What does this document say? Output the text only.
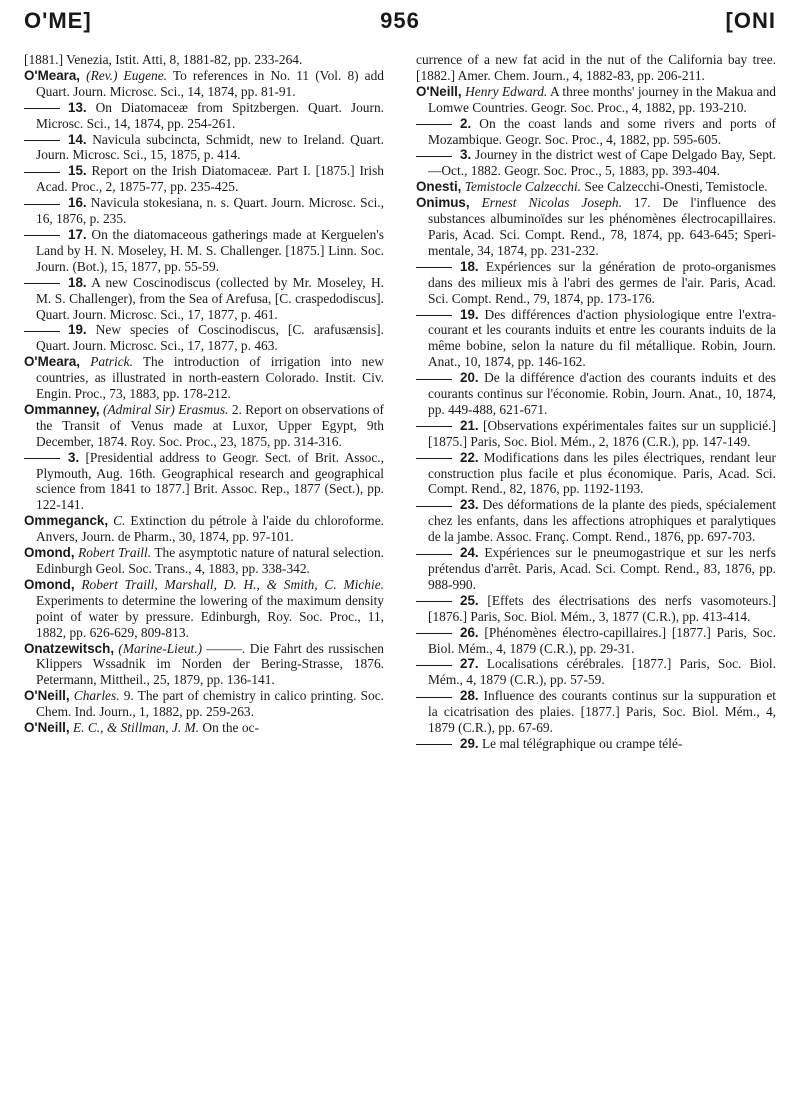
O'ME]	956	[ONI

[1881.] Venezia, Istit. Atti, 8, 1881-82, pp. 233-264.

O'Meara, (Rev.) Eugene. To references in No. 11 (Vol. 8) add Quart. Journ. Microsc. Sci., 14, 1874, pp. 81-91.

13. On Diatomaceæ from Spitzbergen. Quart. Journ. Microsc. Sci., 14, 1874, pp. 254-261.

14. Navicula subcincta, Schmidt, new to Ireland. Quart. Journ. Microsc. Sci., 15, 1875, p. 414.

15. Report on the Irish Diatomaceæ. Part I. [1875.] Irish Acad. Proc., 2, 1875-77, pp. 235-425.

16. Navicula stokesiana, n. s. Quart. Journ. Microsc. Sci., 16, 1876, p. 235.

17. On the diatomaceous gatherings made at Kerguelen's Land by H. N. Moseley, H. M. S. Challenger. [1875.] Linn. Soc. Journ. (Bot.), 15, 1877, pp. 55-59.

18. A new Coscinodiscus (collected by Mr. Moseley, H. M. S. Challenger), from the Sea of Arefusa, [C. craspedodiscus]. Quart. Journ. Microsc. Sci., 17, 1877, p. 461.

19. New species of Coscinodiscus, [C. arafusænsis]. Quart. Journ. Microsc. Sci., 17, 1877, p. 463.

O'Meara, Patrick. The introduction of irrigation into new countries, as illustrated in north-eastern Colorado. Instit. Civ. Engin. Proc., 73, 1883, pp. 178-212.

Ommanney, (Admiral Sir) Erasmus. 2. Report on observations of the Transit of Venus made at Luxor, Upper Egypt, 9th December, 1874. Roy. Soc. Proc., 23, 1875, pp. 314-316.

3. [Presidential address to Geogr. Sect. of Brit. Assoc., Plymouth, Aug. 16th. Geographical research and geographical science from 1841 to 1877.] Brit. Assoc. Rep., 1877 (Sect.), pp. 122-141.

Ommeganck, C. Extinction du pétrole à l'aide du chloroforme. Anvers, Journ. de Pharm., 30, 1874, pp. 97-101.

Omond, Robert Traill. The asymptotic nature of natural selection. Edinburgh Geol. Soc. Trans., 4, 1883, pp. 338-342.

Omond, Robert Traill, Marshall, D. H., & Smith, C. Michie. Experiments to determine the lowering of the maximum density point of water by pressure. Edinburgh, Roy. Soc. Proc., 11, 1882, pp. 626-629, 809-813.

Onatzewitsch, (Marine-Lieut.) ———. Die Fahrt des russischen Klippers Wssadnik im Norden der Bering-Strasse, 1876. Petermann, Mittheil., 25, 1879, pp. 136-141.

O'Neill, Charles. 9. The part of chemistry in calico printing. Soc. Chem. Ind. Journ., 1, 1882, pp. 259-263.

O'Neill, E. C., & Stillman, J. M. On the oc-

currence of a new fat acid in the nut of the California bay tree. [1882.] Amer. Chem. Journ., 4, 1882-83, pp. 206-211.

O'Neill, Henry Edward. A three months' journey in the Makua and Lomwe Countries. Geogr. Soc. Proc., 4, 1882, pp. 193-210.

2. On the coast lands and some rivers and ports of Mozambique. Geogr. Soc. Proc., 4, 1882, pp. 595-605.

3. Journey in the district west of Cape Delgado Bay, Sept.—Oct., 1882. Geogr. Soc. Proc., 5, 1883, pp. 393-404.

Onesti, Temistocle Calzecchi. See Calzecchi-Onesti, Temistocle.

Onimus, Ernest Nicolas Joseph. 17. De l'influence des substances albuminoïdes sur les phénomènes électrocapillaires. Paris, Acad. Sci. Compt. Rend., 78, 1874, pp. 643-645; Speri-mentale, 34, 1874, pp. 231-232.

18. Expériences sur la génération de proto-organismes dans des milieux mis à l'abri des germes de l'air. Paris, Acad. Sci. Compt. Rend., 79, 1874, pp. 173-176.

19. Des différences d'action physiologique entre l'extra-courant et les courants induits et entre les courants induits de la même bobine, selon la nature du fil métallique. Robin, Journ. Anat., 10, 1874, pp. 146-162.

20. De la différence d'action des courants induits et des courants continus sur l'économie. Robin, Journ. Anat., 10, 1874, pp. 449-488, 621-671.

21. [Observations expérimentales faites sur un supplicié.] [1875.] Paris, Soc. Biol. Mém., 2, 1876 (C.R.), pp. 147-149.

22. Modifications dans les piles électriques, rendant leur construction plus facile et plus économique. Paris, Acad. Sci. Compt. Rend., 82, 1876, pp. 1192-1193.

23. Des déformations de la plante des pieds, spécialement chez les enfants, dans les affections atrophiques et paralytiques de la jambe. Assoc. Franç. Compt. Rend., 1876, pp. 697-703.

24. Expériences sur le pneumogastrique et sur les nerfs prétendus d'arrêt. Paris, Acad. Sci. Compt. Rend., 83, 1876, pp. 988-990.

25. [Effets des électrisations des nerfs vasomoteurs.] [1876.] Paris, Soc. Biol. Mém., 3, 1877 (C.R.), pp. 413-414.

26. [Phénomènes électro-capillaires.] [1877.] Paris, Soc. Biol. Mém., 4, 1879 (C.R.), pp. 29-31.

27. Localisations cérébrales. [1877.] Paris, Soc. Biol. Mém., 4, 1879 (C.R.), pp. 57-59.

28. Influence des courants continus sur la suppuration et la cicatrisation des plaies. [1877.] Paris, Soc. Biol. Mém., 4, 1879 (C.R.), pp. 67-69.

29. Le mal télégraphique ou crampe télé-
